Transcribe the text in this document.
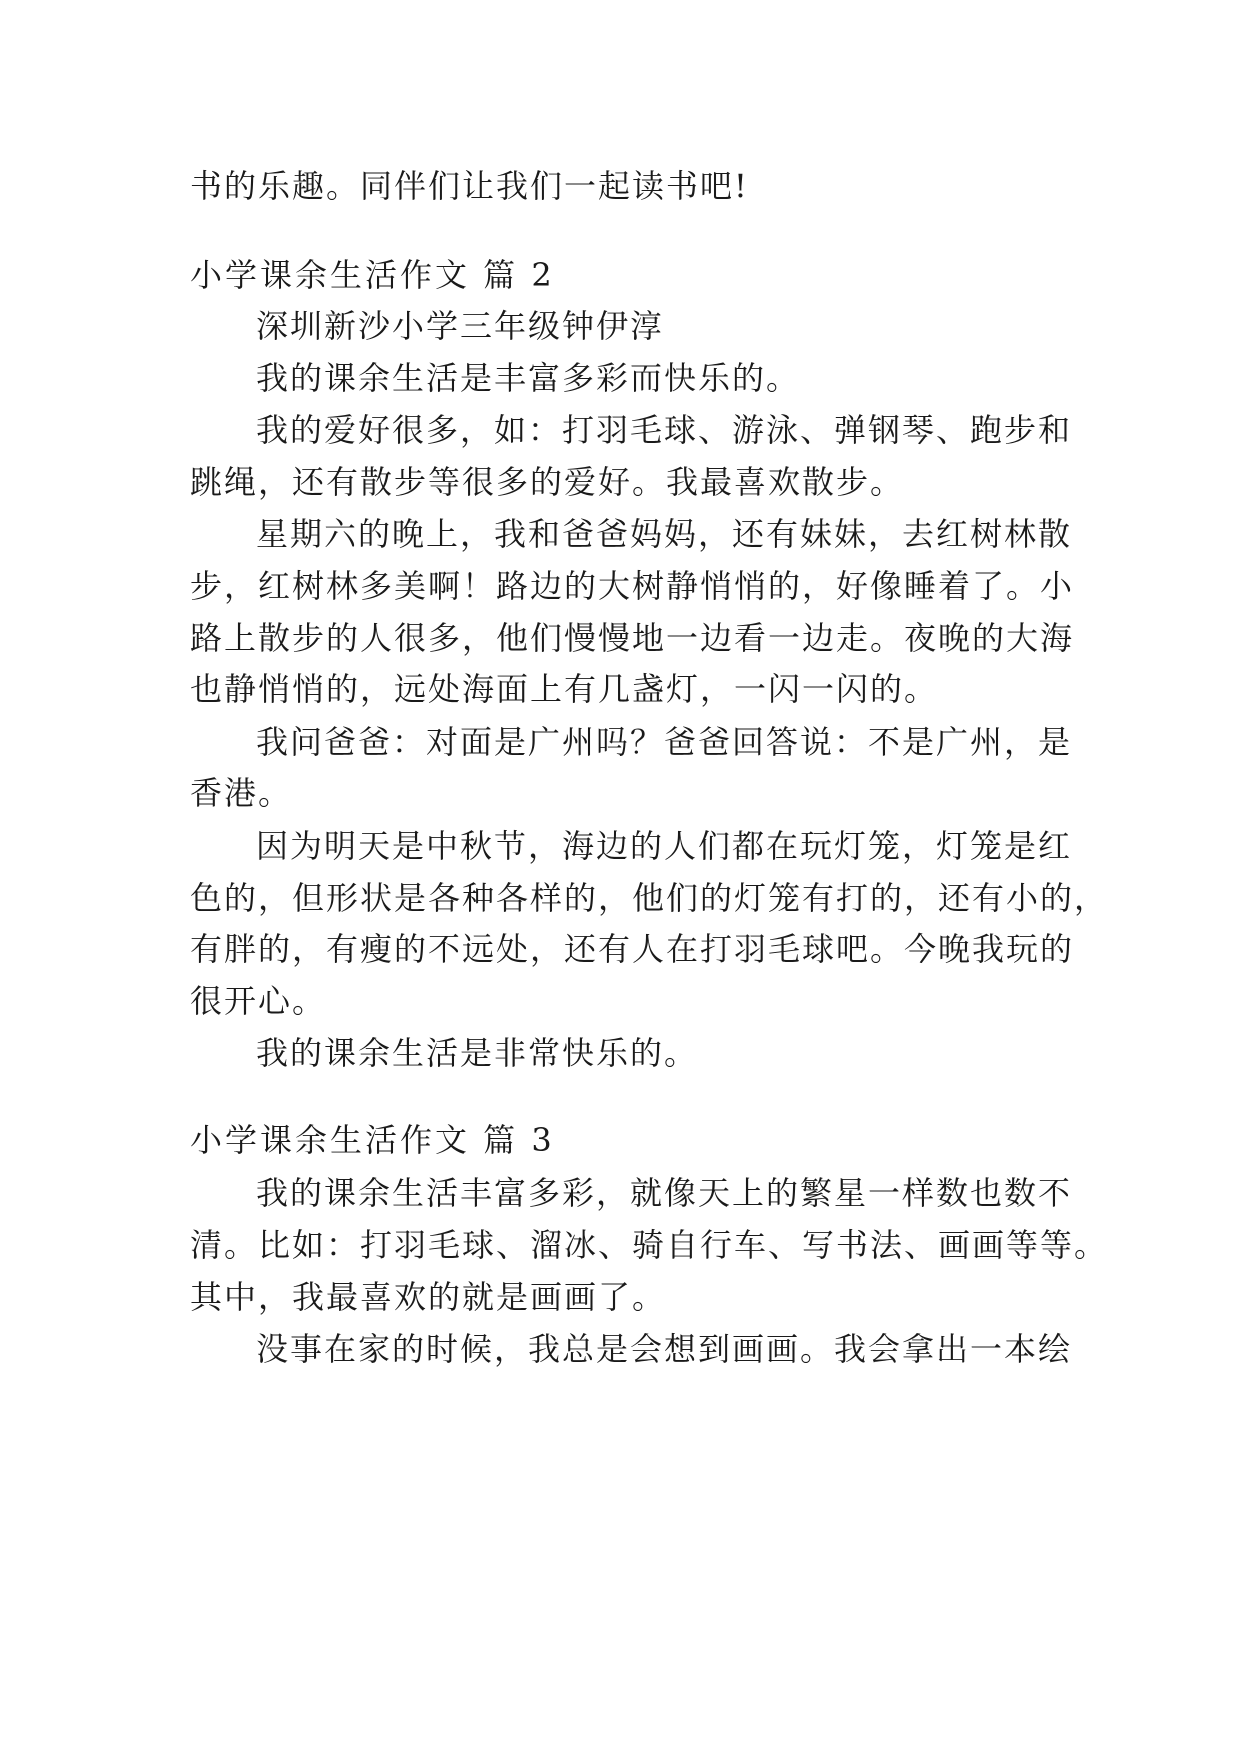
书的乐趣。同伴们让我们一起读书吧!

小学课余生活作文 篇 2

深圳新沙小学三年级钟伊淳

我的课余生活是丰富多彩而快乐的。

我的爱好很多，如：打羽毛球、游泳、弹钢琴、跑步和

跳绳，还有散步等很多的爱好。我最喜欢散步。

星期六的晚上，我和爸爸妈妈，还有妹妹，去红树林散

步，红树林多美啊！路边的大树静悄悄的，好像睡着了。小

路上散步的人很多，他们慢慢地一边看一边走。夜晚的大海

也静悄悄的，远处海面上有几盏灯，一闪一闪的。

我问爸爸：对面是广州吗？爸爸回答说：不是广州，是

香港。

因为明天是中秋节，海边的人们都在玩灯笼，灯笼是红

色的，但形状是各种各样的，他们的灯笼有打的，还有小的，

有胖的，有瘦的不远处，还有人在打羽毛球吧。今晚我玩的

很开心。

我的课余生活是非常快乐的。

小学课余生活作文 篇 3

我的课余生活丰富多彩，就像天上的繁星一样数也数不

清。比如：打羽毛球、溜冰、骑自行车、写书法、画画等等。

其中，我最喜欢的就是画画了。

没事在家的时候，我总是会想到画画。我会拿出一本绘
